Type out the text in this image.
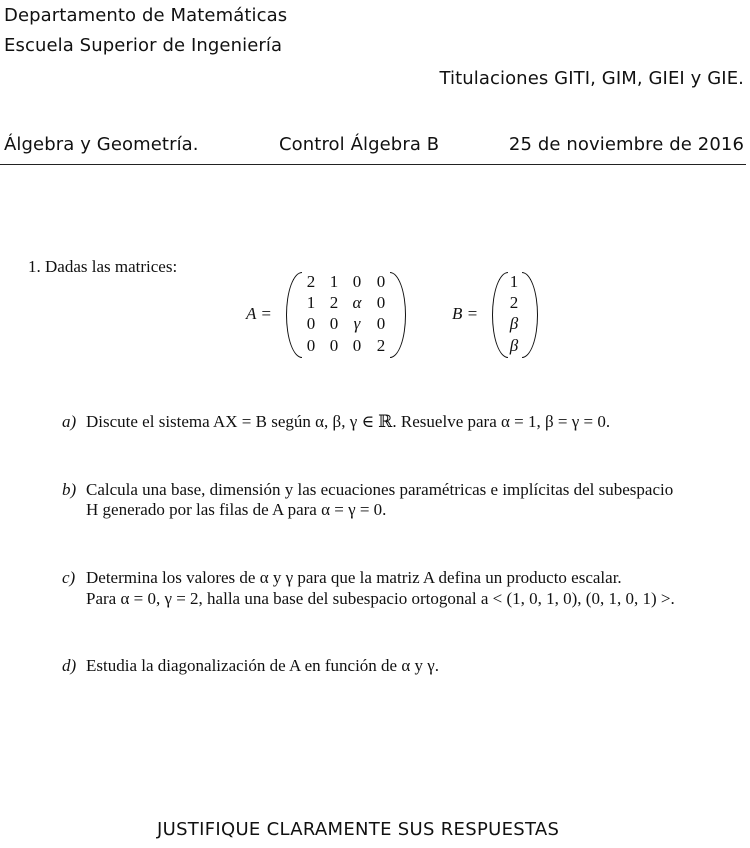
Departamento de Matemáticas
Escuela Superior de Ingeniería
Titulaciones GITI, GIM, GIEI y GIE.
Álgebra y Geometría.	Control Álgebra B	25 de noviembre de 2016
1. Dadas las matrices:
A =
2 1 0 0
1 2 α 0
0 0 γ 0
0 0 0 2
B =
1
2
β
β
a) Discute el sistema AX = B según α, β, γ ∈ ℝ. Resuelve para α = 1, β = γ = 0.
b) Calcula una base, dimensión y las ecuaciones paramétricas e implícitas del subespacio
H generado por las filas de A para α = γ = 0.
c) Determina los valores de α y γ para que la matriz A defina un producto escalar.
Para α = 0, γ = 2, halla una base del subespacio ortogonal a < (1, 0, 1, 0), (0, 1, 0, 1) >.
d) Estudia la diagonalización de A en función de α y γ.
JUSTIFIQUE CLARAMENTE SUS RESPUESTAS
